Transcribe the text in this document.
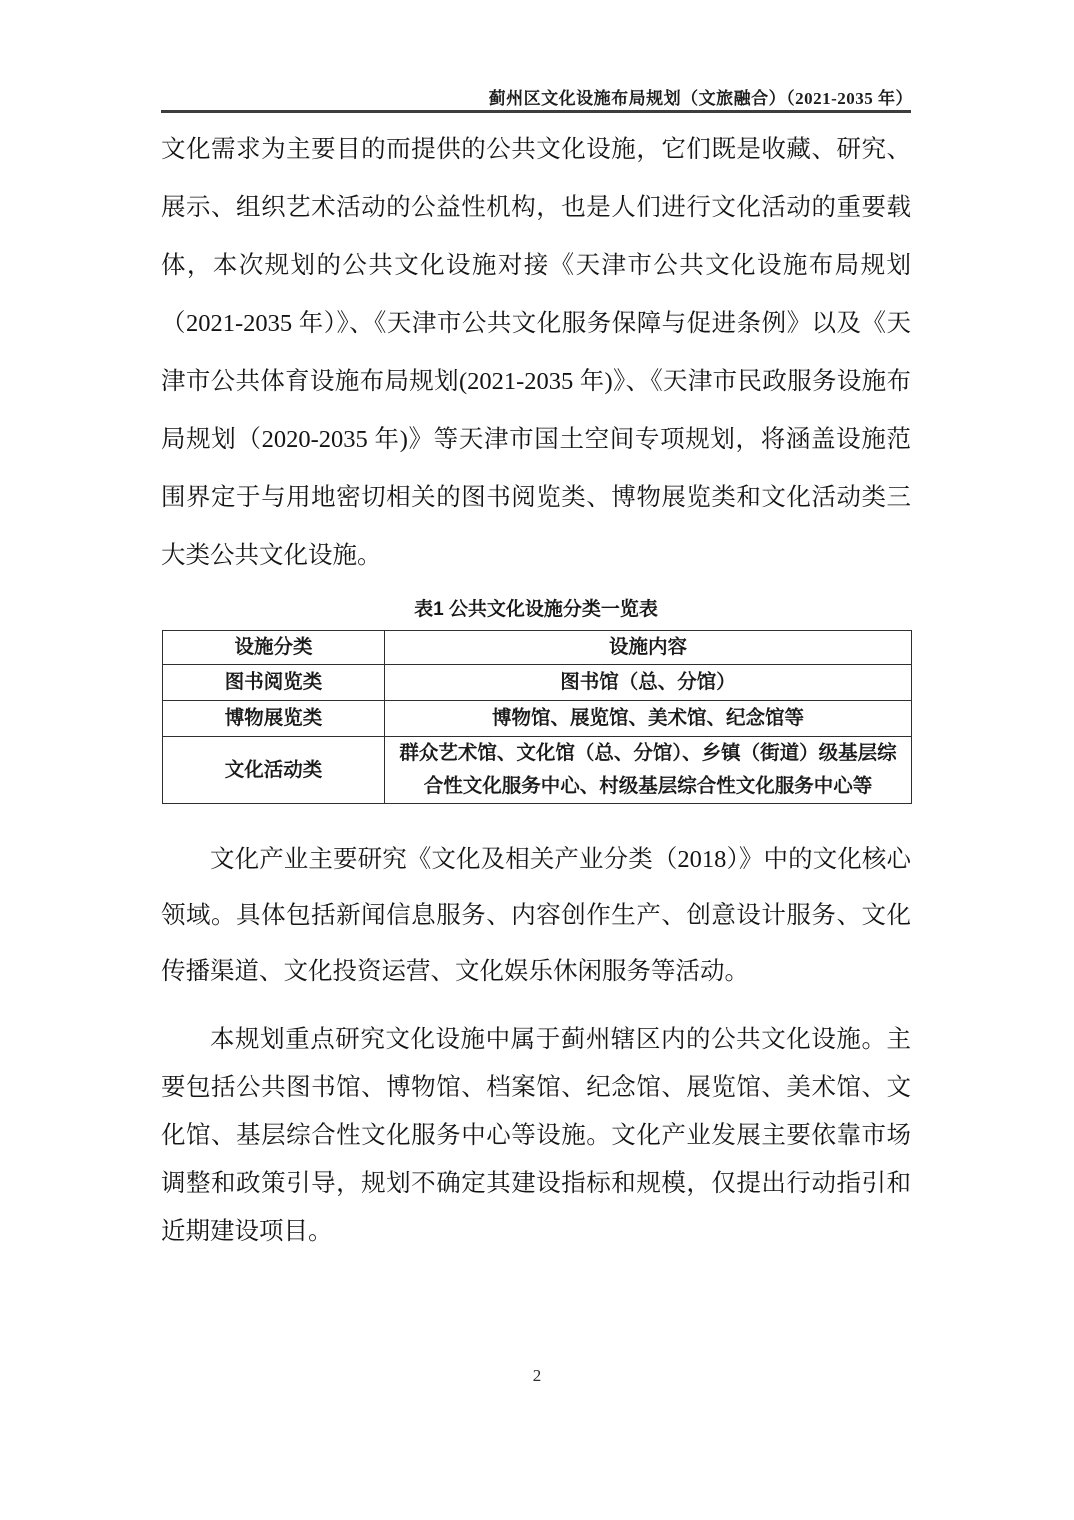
蓟州区文化设施布局规划（文旅融合）（2021-2035 年）
文化需求为主要目的而提供的公共文化设施，它们既是收藏、研究、展示、组织艺术活动的公益性机构，也是人们进行文化活动的重要载体，本次规划的公共文化设施对接《天津市公共文化设施布局规划（2021-2035 年）》、《天津市公共文化服务保障与促进条例》以及《天津市公共体育设施布局规划(2021-2035 年)》、《天津市民政服务设施布局规划（2020-2035 年)》等天津市国土空间专项规划，将涵盖设施范围界定于与用地密切相关的图书阅览类、博物展览类和文化活动类三大类公共文化设施。
表1 公共文化设施分类一览表
设施分类	设施内容
图书阅览类	图书馆（总、分馆）
博物展览类	博物馆、展览馆、美术馆、纪念馆等
文化活动类	群众艺术馆、文化馆（总、分馆）、乡镇（街道）级基层综合性文化服务中心、村级基层综合性文化服务中心等
文化产业主要研究《文化及相关产业分类（2018）》中的文化核心领域。具体包括新闻信息服务、内容创作生产、创意设计服务、文化传播渠道、文化投资运营、文化娱乐休闲服务等活动。
本规划重点研究文化设施中属于蓟州辖区内的公共文化设施。主要包括公共图书馆、博物馆、档案馆、纪念馆、展览馆、美术馆、文化馆、基层综合性文化服务中心等设施。文化产业发展主要依靠市场调整和政策引导，规划不确定其建设指标和规模，仅提出行动指引和近期建设项目。
2
